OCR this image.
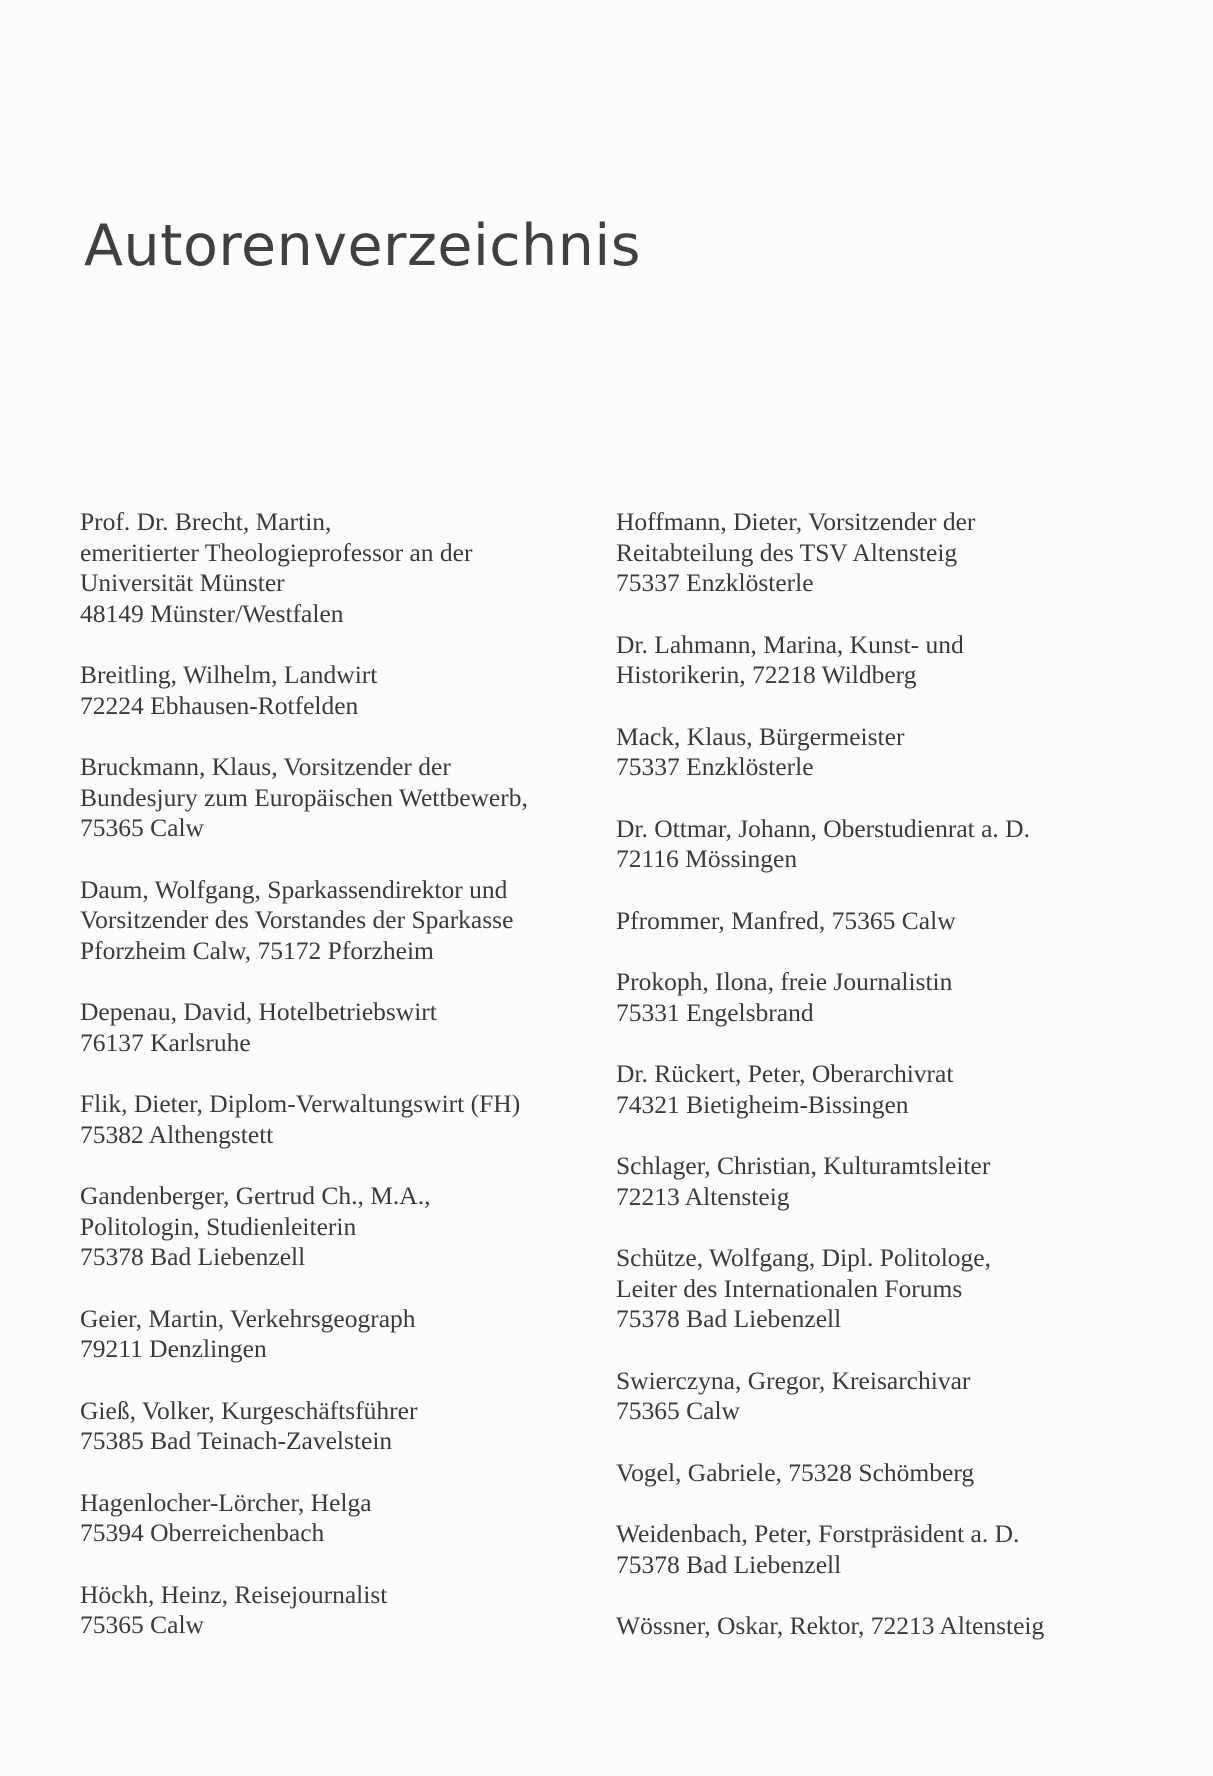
Autorenverzeichnis
Prof. Dr. Brecht, Martin,
emeritierter Theologieprofessor an der
Universität Münster
48149 Münster/Westfalen
Breitling, Wilhelm, Landwirt
72224 Ebhausen-Rotfelden
Bruckmann, Klaus, Vorsitzender der
Bundesjury zum Europäischen Wettbewerb,
75365 Calw
Daum, Wolfgang, Sparkassendirektor und
Vorsitzender des Vorstandes der Sparkasse
Pforzheim Calw, 75172 Pforzheim
Depenau, David, Hotelbetriebswirt
76137 Karlsruhe
Flik, Dieter, Diplom-Verwaltungswirt (FH)
75382 Althengstett
Gandenberger, Gertrud Ch., M.A.,
Politologin, Studienleiterin
75378 Bad Liebenzell
Geier, Martin, Verkehrsgeograph
79211 Denzlingen
Gieß, Volker, Kurgeschäftsführer
75385 Bad Teinach-Zavelstein
Hagenlocher-Lörcher, Helga
75394 Oberreichenbach
Höckh, Heinz, Reisejournalist
75365 Calw
Hoffmann, Dieter, Vorsitzender der
Reitabteilung des TSV Altensteig
75337 Enzklösterle
Dr. Lahmann, Marina, Kunst- und
Historikerin, 72218 Wildberg
Mack, Klaus, Bürgermeister
75337 Enzklösterle
Dr. Ottmar, Johann, Oberstudienrat a. D.
72116 Mössingen
Pfrommer, Manfred, 75365 Calw
Prokoph, Ilona, freie Journalistin
75331 Engelsbrand
Dr. Rückert, Peter, Oberarchivrat
74321 Bietigheim-Bissingen
Schlager, Christian, Kulturamtsleiter
72213 Altensteig
Schütze, Wolfgang, Dipl. Politologe,
Leiter des Internationalen Forums
75378 Bad Liebenzell
Swierczyna, Gregor, Kreisarchivar
75365 Calw
Vogel, Gabriele, 75328 Schömberg
Weidenbach, Peter, Forstpräsident a. D.
75378 Bad Liebenzell
Wössner, Oskar, Rektor, 72213 Altensteig
